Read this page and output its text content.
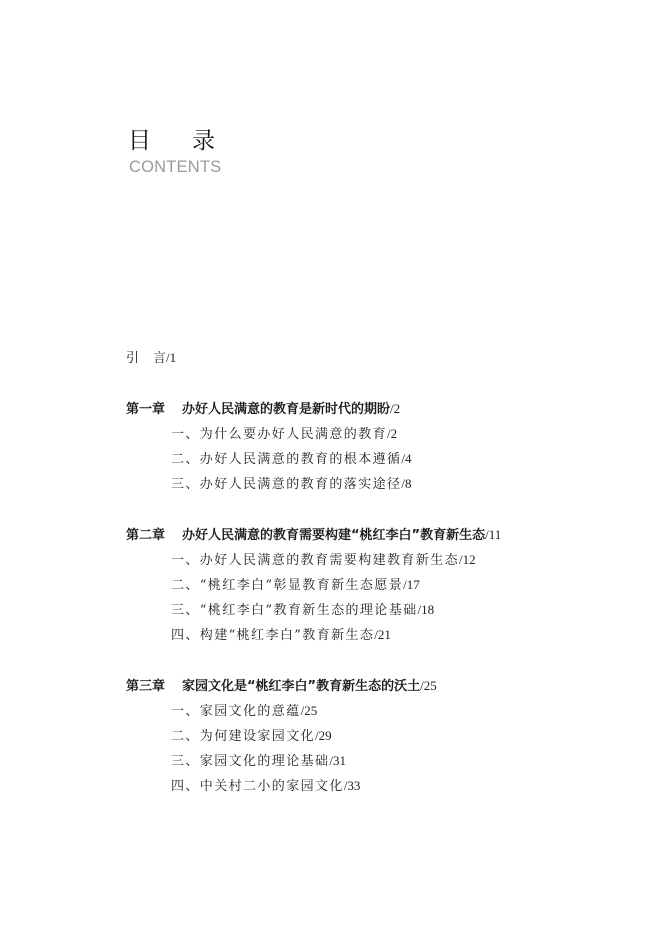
目 录
CONTENTS
引 言/1
第一章 办好人民满意的教育是新时代的期盼/2
一、为什么要办好人民满意的教育/2
二、办好人民满意的教育的根本遵循/4
三、办好人民满意的教育的落实途径/8
第二章 办好人民满意的教育需要构建“桃红李白”教育新生态/11
一、办好人民满意的教育需要构建教育新生态/12
二、“桃红李白”彰显教育新生态愿景/17
三、“桃红李白”教育新生态的理论基础/18
四、构建“桃红李白”教育新生态/21
第三章 家园文化是“桃红李白”教育新生态的沃土/25
一、家园文化的意蕴/25
二、为何建设家园文化/29
三、家园文化的理论基础/31
四、中关村二小的家园文化/33
